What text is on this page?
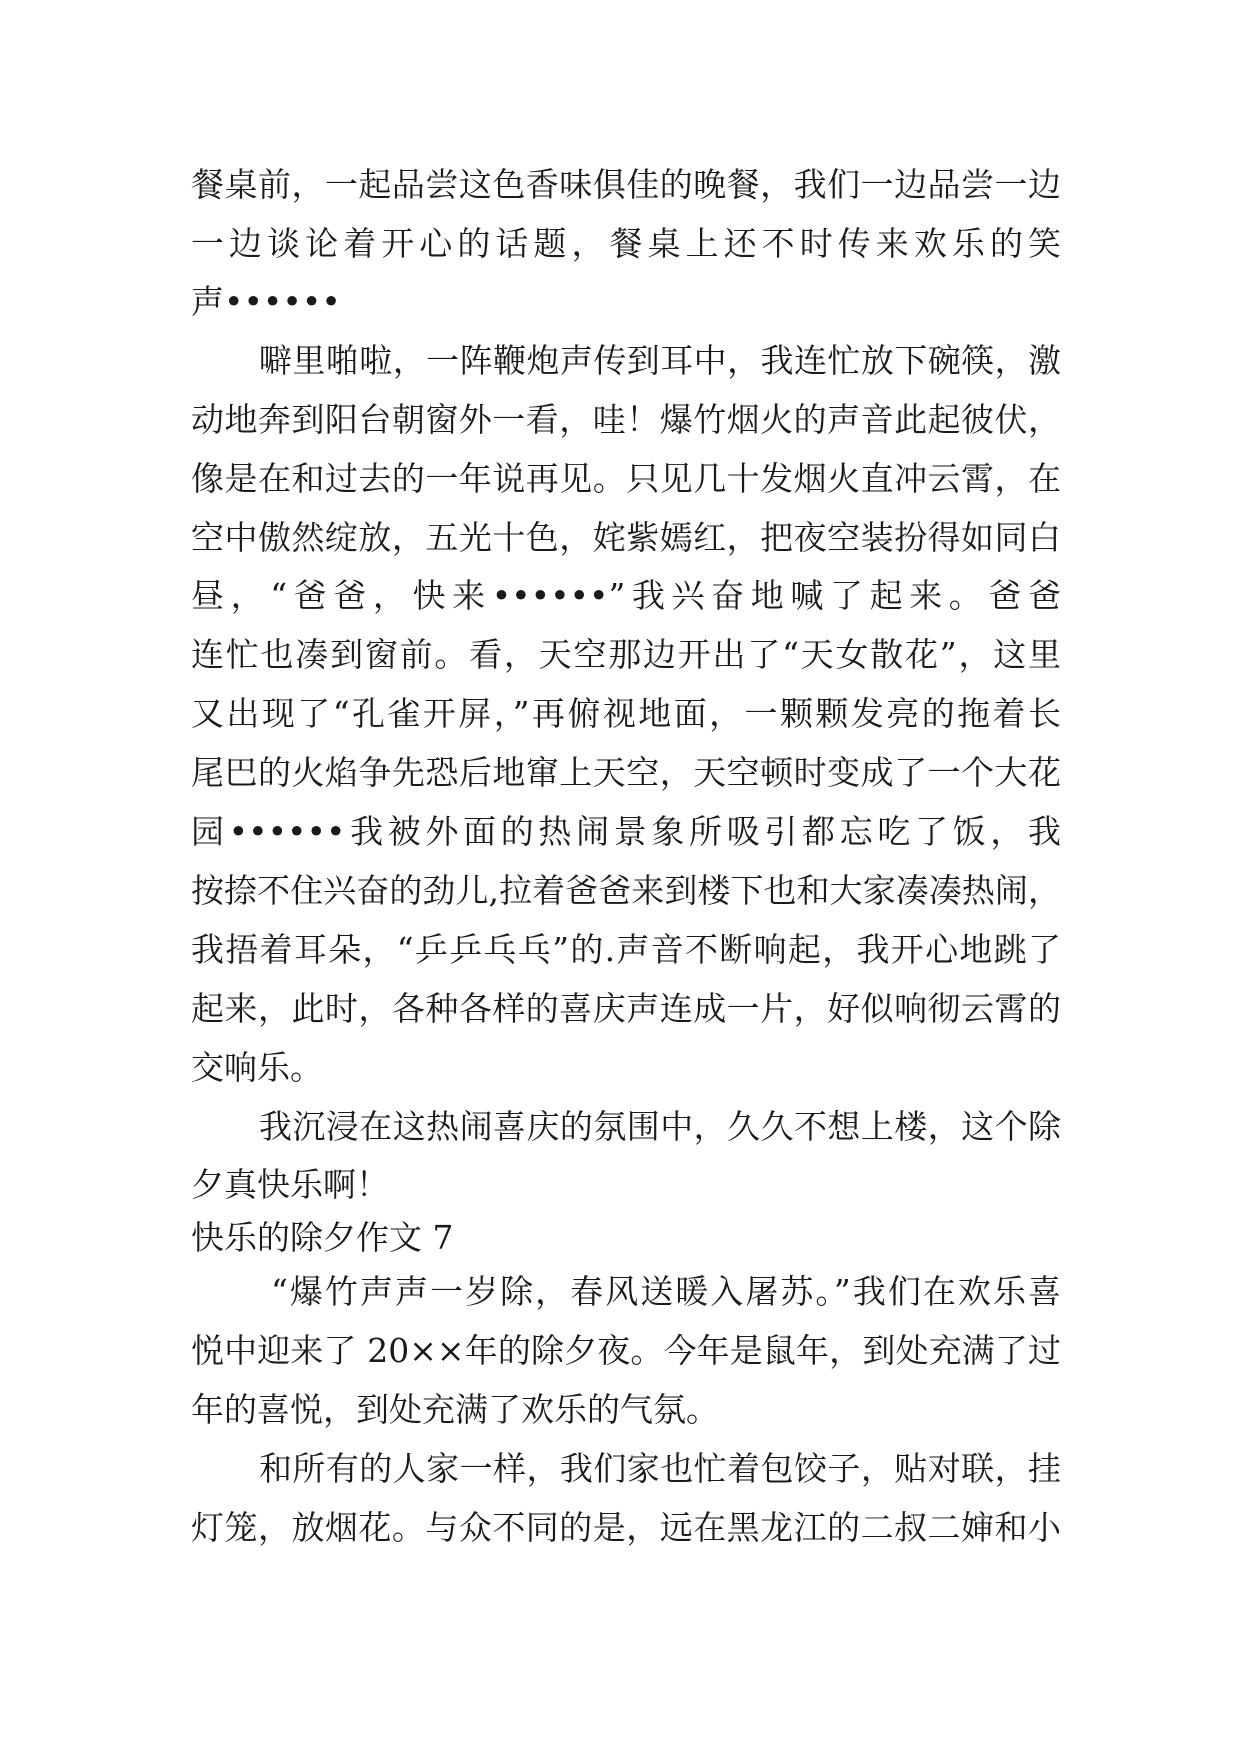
餐桌前，一起品尝这色香味俱佳的晚餐，我们一边品尝一边
一边谈论着开心的话题，餐桌上还不时传来欢乐的笑
声••••••
噼里啪啦，一阵鞭炮声传到耳中，我连忙放下碗筷，激
动地奔到阳台朝窗外一看，哇！爆竹烟火的声音此起彼伏，
像是在和过去的一年说再见。只见几十发烟火直冲云霄，在
空中傲然绽放，五光十色，姹紫嫣红，把夜空装扮得如同白
昼，“爸爸，快来••••••”我兴奋地喊了起来。爸爸
连忙也凑到窗前。看，天空那边开出了“天女散花”，这里
又出现了“孔雀开屏，”再俯视地面，一颗颗发亮的拖着长
尾巴的火焰争先恐后地窜上天空，天空顿时变成了一个大花
园••••••我被外面的热闹景象所吸引都忘吃了饭，我
按捺不住兴奋的劲儿,拉着爸爸来到楼下也和大家凑凑热闹，
我捂着耳朵，“乒乒乓乓”的.声音不断响起，我开心地跳了
起来，此时，各种各样的喜庆声连成一片，好似响彻云霄的
交响乐。
我沉浸在这热闹喜庆的氛围中，久久不想上楼，这个除
夕真快乐啊！
快乐的除夕作文 7
“爆竹声声一岁除，春风送暖入屠苏。”我们在欢乐喜
悦中迎来了 20××年的除夕夜。今年是鼠年，到处充满了过
年的喜悦，到处充满了欢乐的气氛。
和所有的人家一样，我们家也忙着包饺子，贴对联，挂
灯笼，放烟花。与众不同的是，远在黑龙江的二叔二婶和小
